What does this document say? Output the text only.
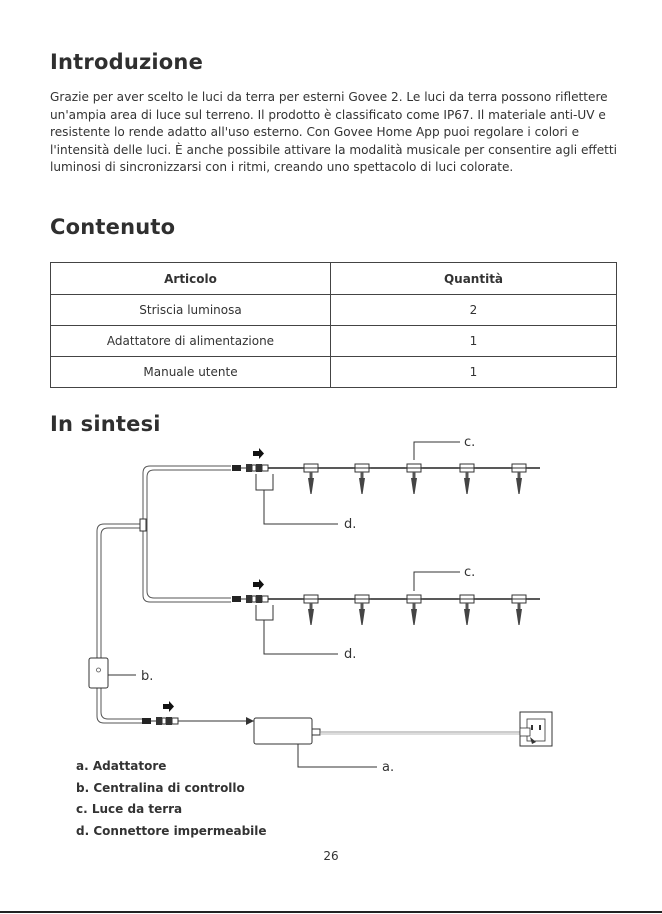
Introduzione

Grazie per aver scelto le luci da terra per esterni Govee 2. Le luci da terra possono riflettere un'ampia area di luce sul terreno. Il prodotto è classificato come IP67. Il materiale anti-UV e resistente lo rende adatto all'uso esterno. Con Govee Home App puoi regolare i colori e l'intensità delle luci. È anche possibile attivare la modalità musicale per consentire agli effetti luminosi di sincronizzarsi con i ritmi, creando uno spettacolo di luci colorate.

Contenuto
Articolo	Quantità
Striscia luminosa	2
Adattatore di alimentazione	1
Manuale utente	1
In sintesi
c.
d.
c.
d.
b.
a.
a. Adattatore
b. Centralina di controllo
c. Luce da terra
d. Connettore impermeabile
26
